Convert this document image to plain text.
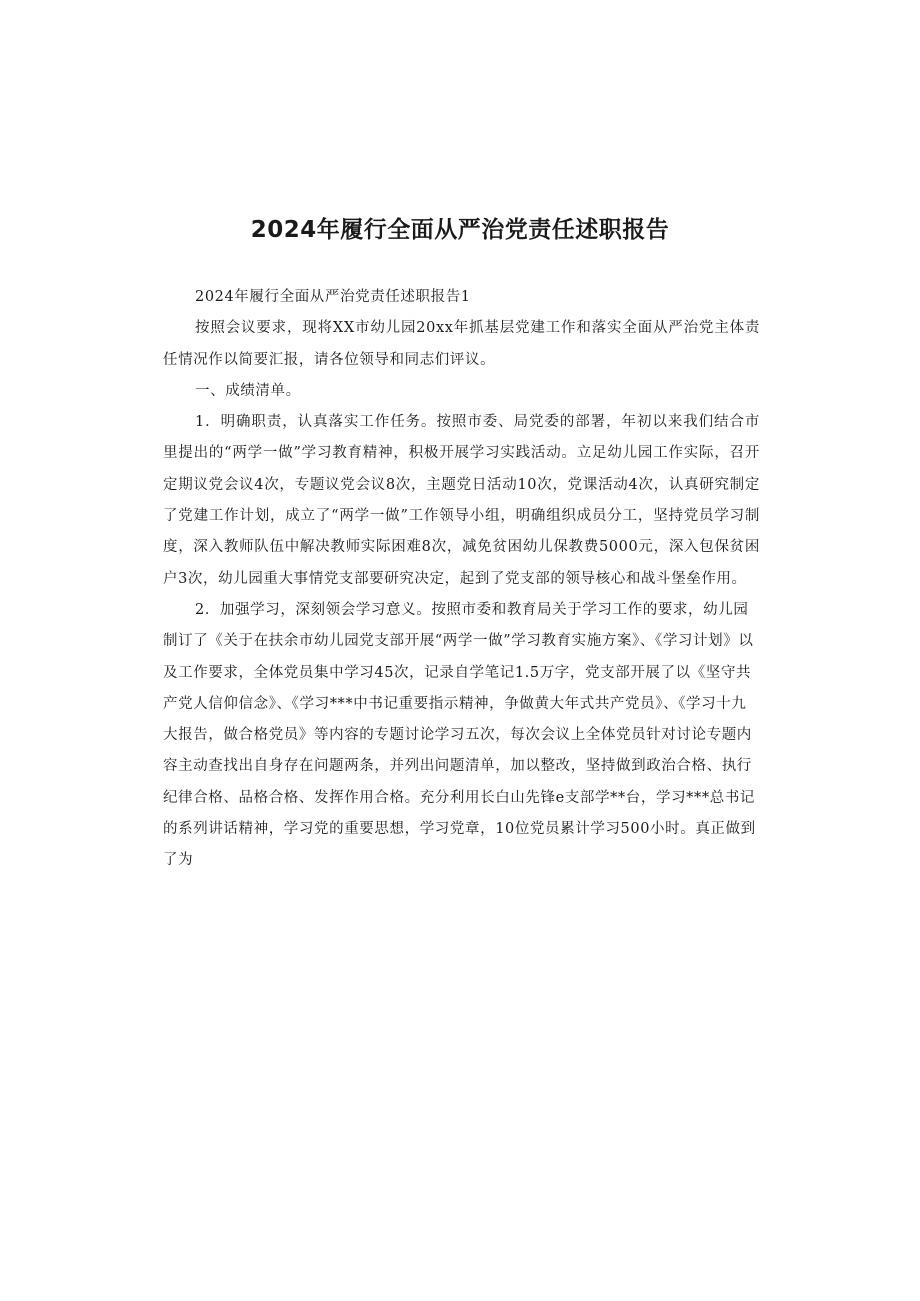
2024年履行全面从严治党责任述职报告

2024年履行全面从严治党责任述职报告1

按照会议要求，现将XX市幼儿园20xx年抓基层党建工作和落实全面从严治党主体责任情况作以简要汇报，请各位领导和同志们评议。

一、成绩清单。

1．明确职责，认真落实工作任务。按照市委、局党委的部署，年初以来我们结合市里提出的“两学一做”学习教育精神，积极开展学习实践活动。立足幼儿园工作实际，召开定期议党会议4次，专题议党会议8次，主题党日活动10次，党课活动4次，认真研究制定了党建工作计划，成立了“两学一做”工作领导小组，明确组织成员分工，坚持党员学习制度，深入教师队伍中解决教师实际困难8次，减免贫困幼儿保教费5000元，深入包保贫困户3次，幼儿园重大事情党支部要研究决定，起到了党支部的领导核心和战斗堡垒作用。

2．加强学习，深刻领会学习意义。按照市委和教育局关于学习工作的要求，幼儿园制订了《关于在扶余市幼儿园党支部开展“两学一做”学习教育实施方案》、《学习计划》以及工作要求，全体党员集中学习45次，记录自学笔记1.5万字，党支部开展了以《坚守共产党人信仰信念》、《学习***中书记重要指示精神，争做黄大年式共产党员》、《学习十九大报告，做合格党员》等内容的专题讨论学习五次，每次会议上全体党员针对讨论专题内容主动查找出自身存在问题两条，并列出问题清单，加以整改，坚持做到政治合格、执行纪律合格、品格合格、发挥作用合格。充分利用长白山先锋e支部学**台，学习***总书记的系列讲话精神，学习党的重要思想，学习党章，10位党员累计学习500小时。真正做到了为
